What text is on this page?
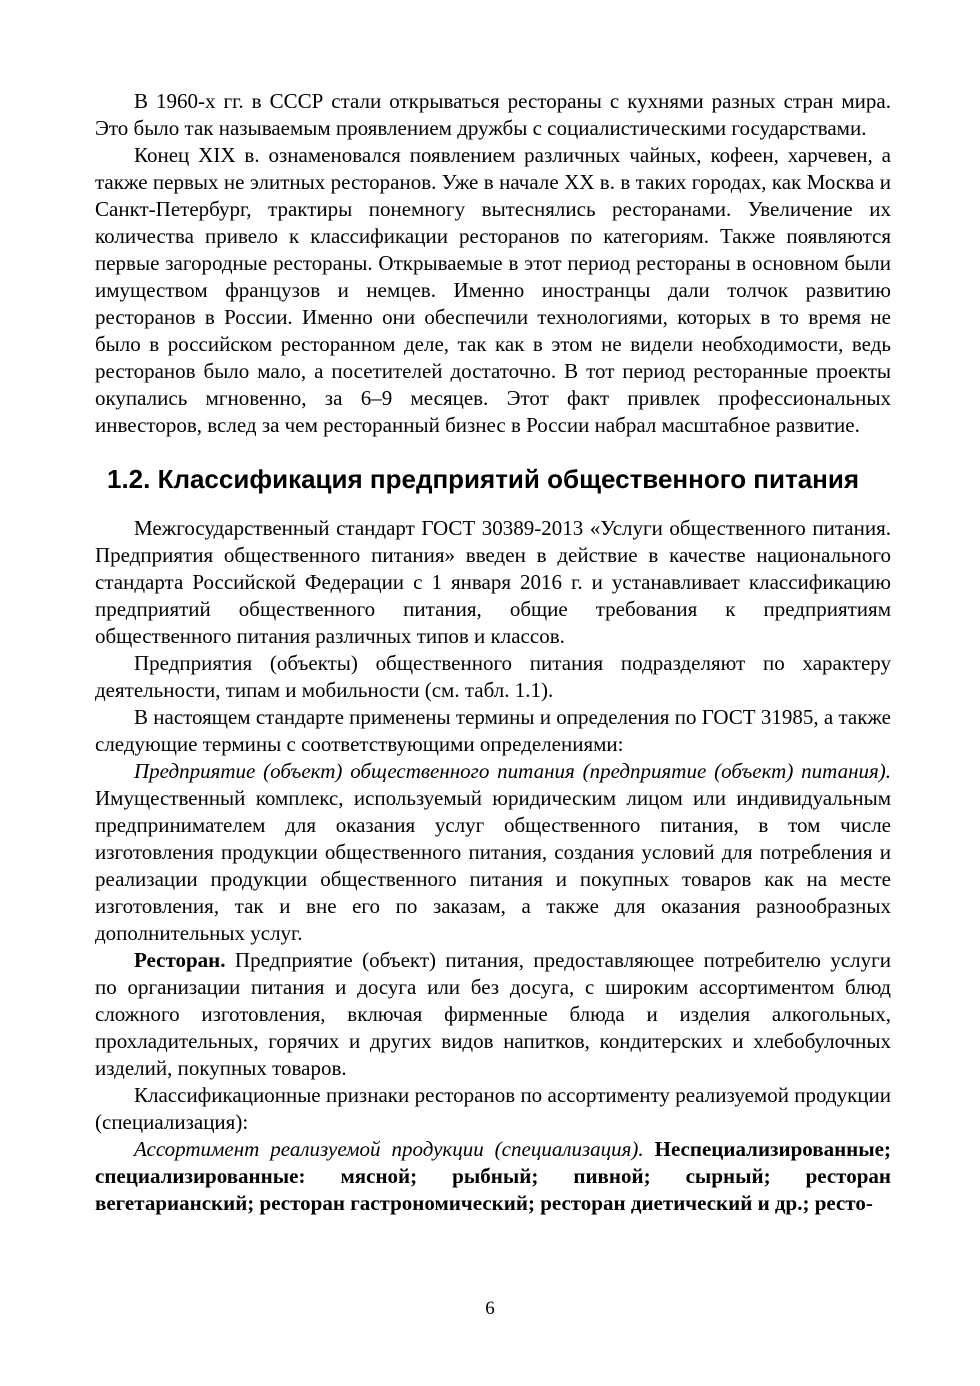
В 1960-х гг. в СССР стали открываться рестораны с кухнями разных стран мира. Это было так называемым проявлением дружбы с социалистическими государствами.

Конец XIX в. ознаменовался появлением различных чайных, кофеен, харчевен, а также первых не элитных ресторанов. Уже в начале XX в. в таких городах, как Москва и Санкт-Петербург, трактиры понемногу вытеснялись ресторанами. Увеличение их количества привело к классификации ресторанов по категориям. Также появляются первые загородные рестораны. Открываемые в этот период рестораны в основном были имуществом французов и немцев. Именно иностранцы дали толчок развитию ресторанов в России. Именно они обеспечили технологиями, которых в то время не было в российском ресторанном деле, так как в этом не видели необходимости, ведь ресторанов было мало, а посетителей достаточно. В тот период ресторанные проекты окупались мгновенно, за 6–9 месяцев. Этот факт привлек профессиональных инвесторов, вслед за чем ресторанный бизнес в России набрал масштабное развитие.

1.2. Классификация предприятий общественного питания

Межгосударственный стандарт ГОСТ 30389-2013 «Услуги общественного питания. Предприятия общественного питания» введен в действие в качестве национального стандарта Российской Федерации с 1 января 2016 г. и устанавливает классификацию предприятий общественного питания, общие требования к предприятиям общественного питания различных типов и классов.

Предприятия (объекты) общественного питания подразделяют по характеру деятельности, типам и мобильности (см. табл. 1.1).

В настоящем стандарте применены термины и определения по ГОСТ 31985, а также следующие термины с соответствующими определениями:

Предприятие (объект) общественного питания (предприятие (объект) питания). Имущественный комплекс, используемый юридическим лицом или индивидуальным предпринимателем для оказания услуг общественного питания, в том числе изготовления продукции общественного питания, создания условий для потребления и реализации продукции общественного питания и покупных товаров как на месте изготовления, так и вне его по заказам, а также для оказания разнообразных дополнительных услуг.

Ресторан. Предприятие (объект) питания, предоставляющее потребителю услуги по организации питания и досуга или без досуга, с широким ассортиментом блюд сложного изготовления, включая фирменные блюда и изделия алкогольных, прохладительных, горячих и других видов напитков, кондитерских и хлебобулочных изделий, покупных товаров.

Классификационные признаки ресторанов по ассортименту реализуемой продукции (специализация):

Ассортимент реализуемой продукции (специализация). Неспециализированные; специализированные: мясной; рыбный; пивной; сырный; ресторан вегетарианский; ресторан гастрономический; ресторан диетический и др.; ресто-

6
